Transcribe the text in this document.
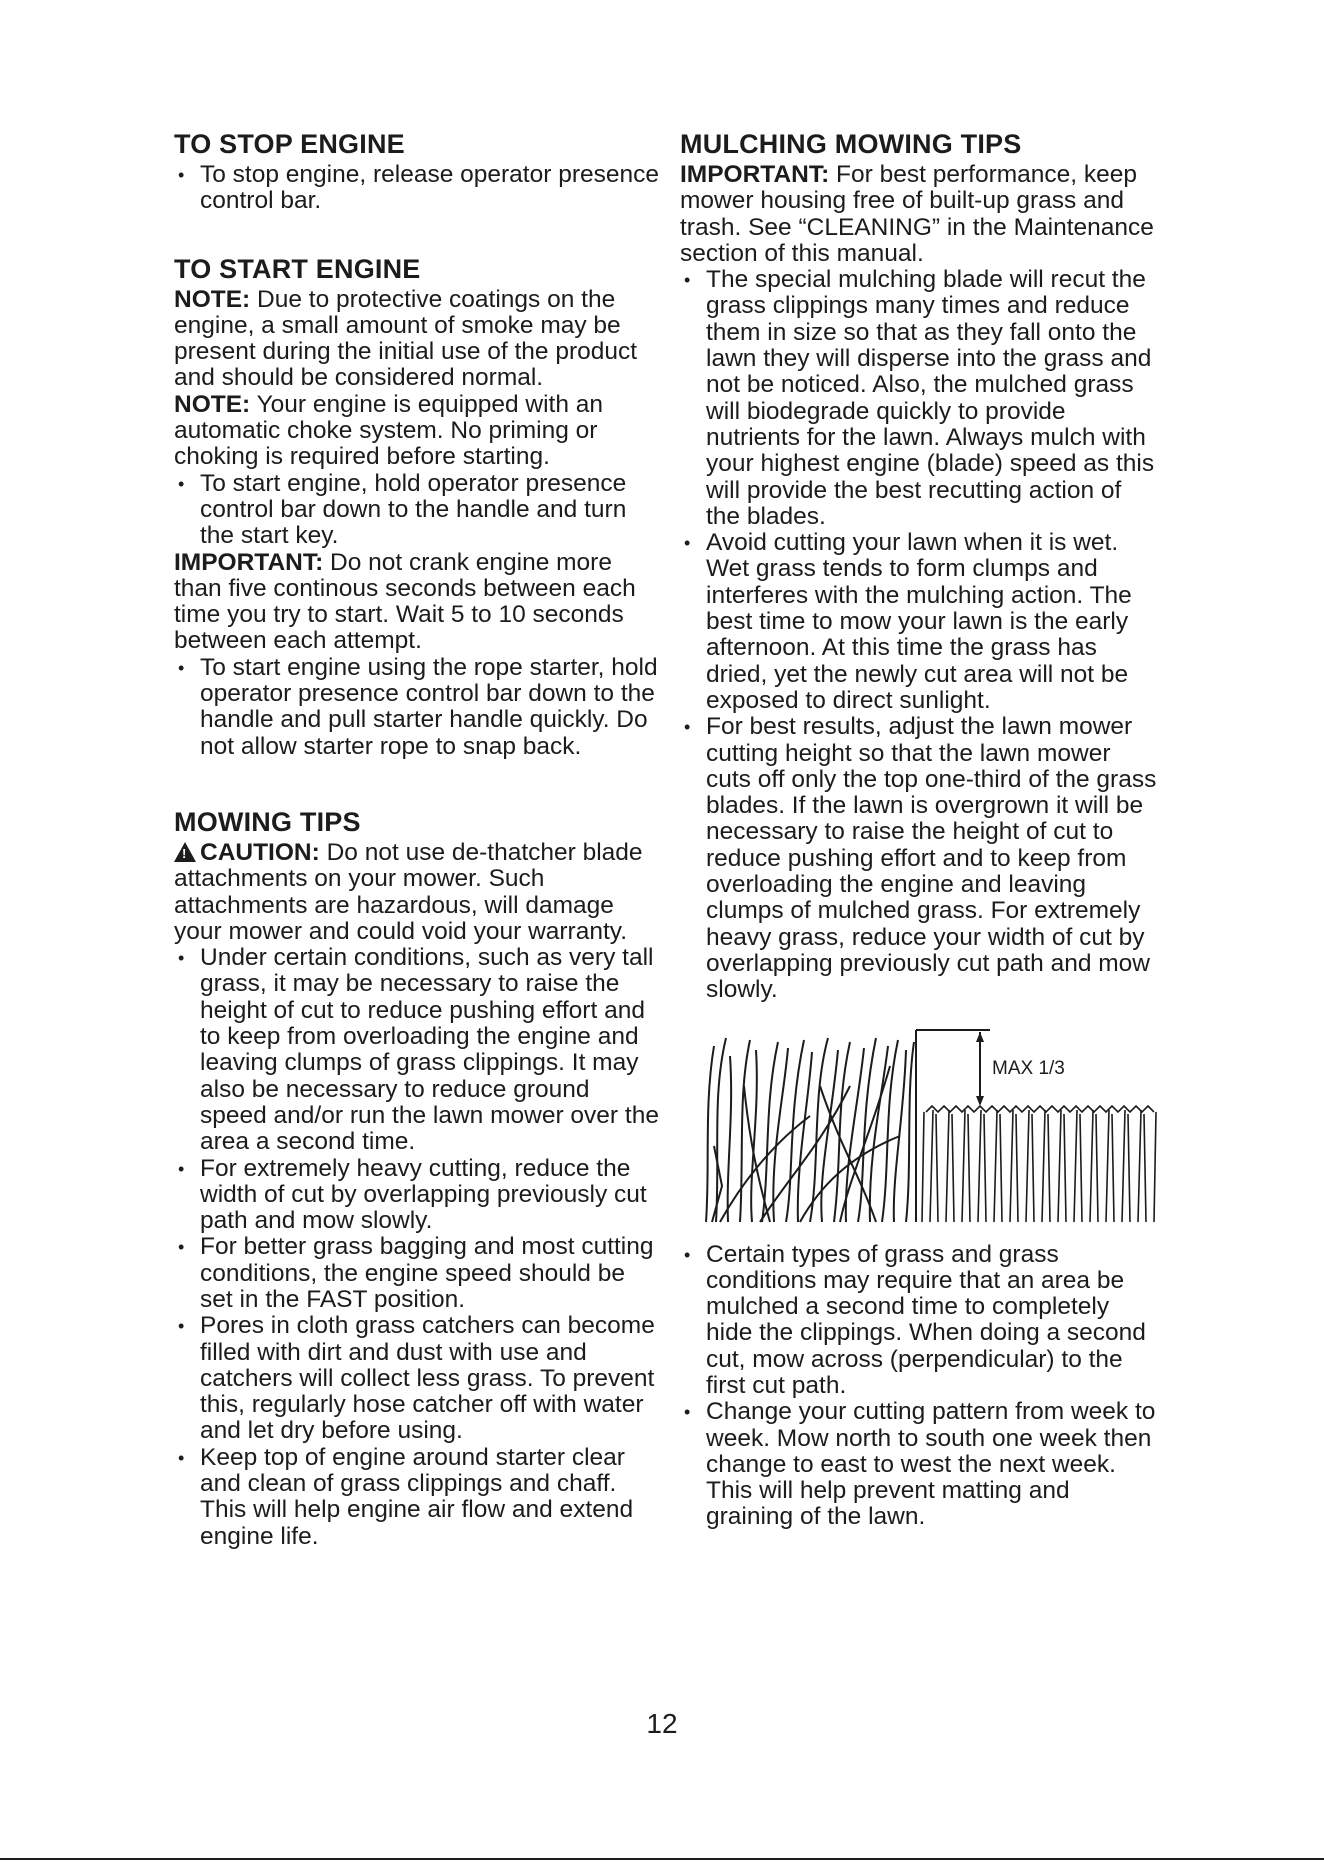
TO STOP ENGINE
• To stop engine, release operator presence control bar.
TO START ENGINE

NOTE: Due to protective coatings on the engine, a small amount of smoke may be present during the initial use of the product and should be considered normal.

NOTE: Your engine is equipped with an automatic choke system. No priming or choking is required before starting.

• To start engine, hold operator presence control bar down to the handle and turn the start key.

IMPORTANT: Do not crank engine more than five continous seconds between each time you try to start. Wait 5 to 10 seconds between each attempt.

• To start engine using the rope starter, hold operator presence control bar down to the handle and pull starter handle quickly. Do not allow starter rope to snap back.
MOWING TIPS

! CAUTION: Do not use de-thatcher blade attachments on your mower. Such attachments are hazardous, will damage your mower and could void your warranty.

• Under certain conditions, such as very tall grass, it may be necessary to raise the height of cut to reduce pushing effort and to keep from overloading the engine and leaving clumps of grass clippings. It may also be necessary to reduce ground speed and/or run the lawn mower over the area a second time.
• For extremely heavy cutting, reduce the width of cut by overlapping previously cut path and mow slowly.
• For better grass bagging and most cutting conditions, the engine speed should be set in the FAST position.
• Pores in cloth grass catchers can become filled with dirt and dust with use and catchers will collect less grass. To prevent this, regularly hose catcher off with water and let dry before using.
• Keep top of engine around starter clear and clean of grass clippings and chaff. This will help engine air flow and extend engine life.
MULCHING MOWING TIPS

IMPORTANT: For best performance, keep mower housing free of built-up grass and trash. See “CLEANING” in the Maintenance section of this manual.

• The special mulching blade will recut the grass clippings many times and reduce them in size so that as they fall onto the lawn they will disperse into the grass and not be noticed. Also, the mulched grass will biodegrade quickly to provide nutrients for the lawn. Always mulch with your highest engine (blade) speed as this will provide the best recutting action of the blades.
• Avoid cutting your lawn when it is wet. Wet grass tends to form clumps and interferes with the mulching action. The best time to mow your lawn is the early afternoon. At this time the grass has dried, yet the newly cut area will not be exposed to direct sunlight.
• For best results, adjust the lawn mower cutting height so that the lawn mower cuts off only the top one-third of the grass blades. If the lawn is overgrown it will be necessary to raise the height of cut to reduce pushing effort and to keep from overloading the engine and leaving clumps of mulched grass. For extremely heavy grass, reduce your width of cut by overlapping previously cut path and mow slowly.
MAX 1/3
• Certain types of grass and grass conditions may require that an area be mulched a second time to completely hide the clippings. When doing a second cut, mow across (perpendicular) to the first cut path.
• Change your cutting pattern from week to week. Mow north to south one week then change to east to west the next week. This will help prevent matting and graining of the lawn.
12
